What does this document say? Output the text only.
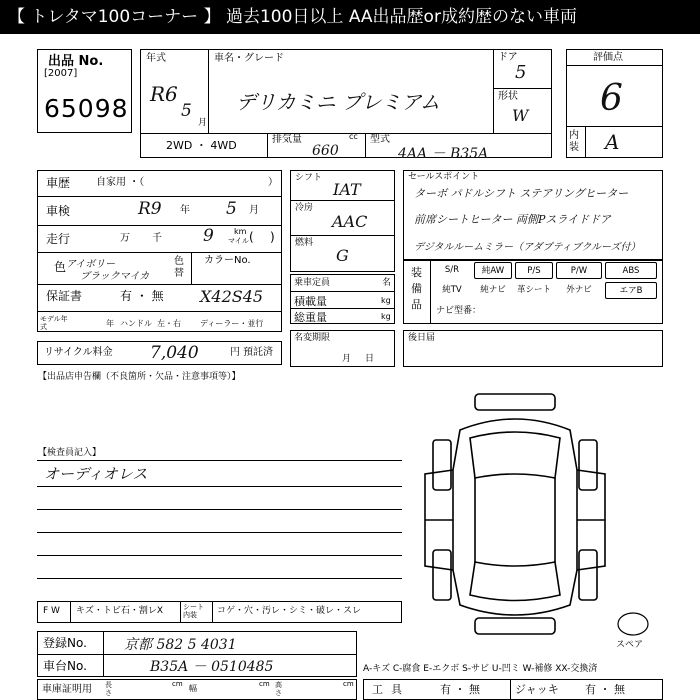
【 トレタマ100コーナー 】 過去100日以上 AA出品歴or成約歴のない車両
出品 No.
[2007]
65098
年式
R6
5
月
車名・グレード
デリカミニ プレミアム
ドア
5
形状
W
2WD ・ 4WD	排気量	cc
660
型式
4AA － B35A
評価点
6
内装 A
車歴	自家用 ・（	）
車検	R9 年 5 月
走行	万 千 9	km
マイル ( )
色 アイボリー
ブラックマイカ
色替
カラーNo.
X42S45
保証書	有 ・ 無
モデル年式	年 ハンドル 左・右 ディーラー・並行
リサイクル料金 7,040	円 預託済
シフト
IAT
冷房
AAC
燃料
G
乗車定員	名
積載量	kg
総重量	kg
名変期限
月日
セールスポイント
ターボ パドルシフト ステアリングヒーター
前席シートヒーター 両側Pスライドドア
デジタルルームミラー（アダプティブクルーズ付）
装備品
S/R	純AW	P/S	P/W	ABS
純TV	純ナビ	革シート	外ナビ	エアB
ナビ型番：
後日届
【出品店申告欄（不良箇所・欠品・注意事項等）】
【検査員記入】
オーディオレス
スペア
F W キズ・トビ石・割レX	シート内装	コゲ・穴・汚レ・シミ・破レ・スレ
登録No.	京都 582 5 4031
車台No.	B35A － 0510485	A-キズ C-腐食 E-エクボ S-サビ U-凹ミ W-補修 XX-交換済
車庫証明用 長さ
cm 幅	cm 高さ
cm 工具	有 ・ 無	ジャッキ 有 ・ 無
